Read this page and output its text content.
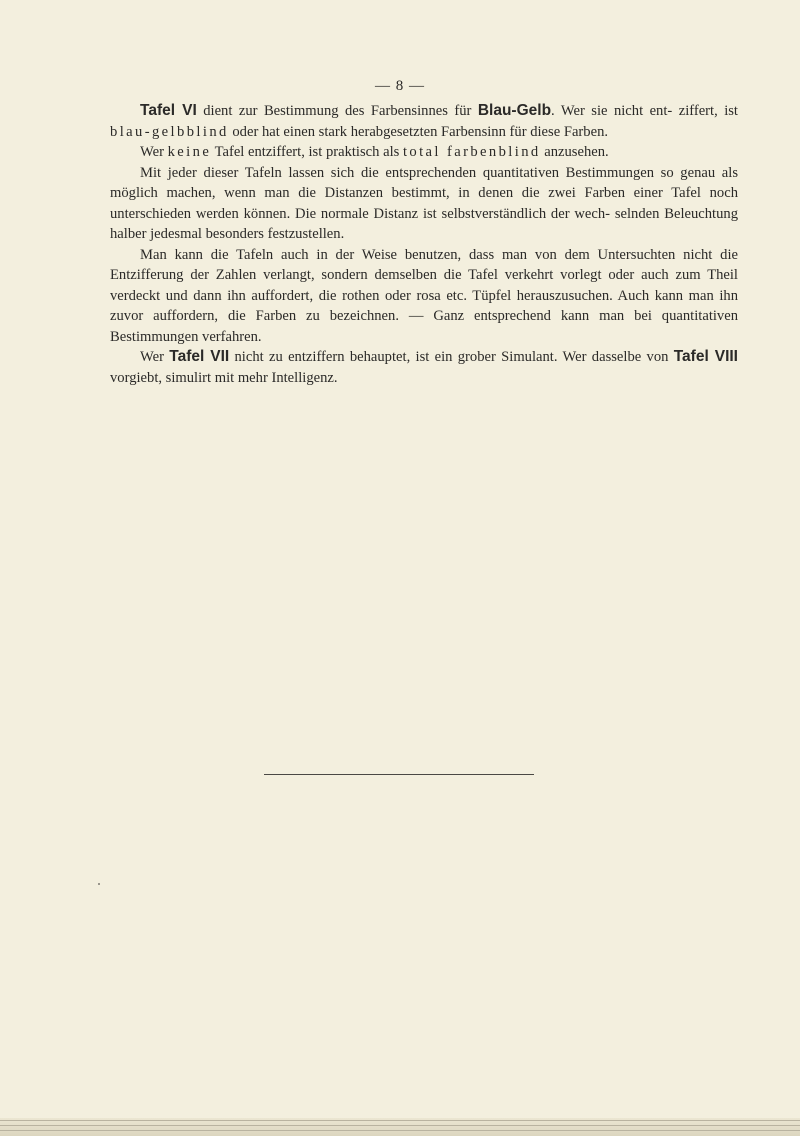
— 8 —

Tafel VI dient zur Bestimmung des Farbensinnes für Blau-Gelb. Wer sie nicht ent- ziffert, ist blau-gelbblind oder hat einen stark herabgesetzten Farbensinn für diese Farben.

Wer keine Tafel entziffert, ist praktisch als total farbenblind anzusehen.

Mit jeder dieser Tafeln lassen sich die entsprechenden quantitativen Bestimmungen so genau als möglich machen, wenn man die Distanzen bestimmt, in denen die zwei Farben einer Tafel noch unterschieden werden können. Die normale Distanz ist selbstverständlich der wech- selnden Beleuchtung halber jedesmal besonders festzustellen.

Man kann die Tafeln auch in der Weise benutzen, dass man von dem Untersuchten nicht die Entzifferung der Zahlen verlangt, sondern demselben die Tafel verkehrt vorlegt oder auch zum Theil verdeckt und dann ihn auffordert, die rothen oder rosa etc. Tüpfel herauszusuchen. Auch kann man ihn zuvor auffordern, die Farben zu bezeichnen. — Ganz entsprechend kann man bei quantitativen Bestimmungen verfahren.

Wer Tafel VII nicht zu entziffern behauptet, ist ein grober Simulant. Wer dasselbe von Tafel VIII vorgiebt, simulirt mit mehr Intelligenz.
